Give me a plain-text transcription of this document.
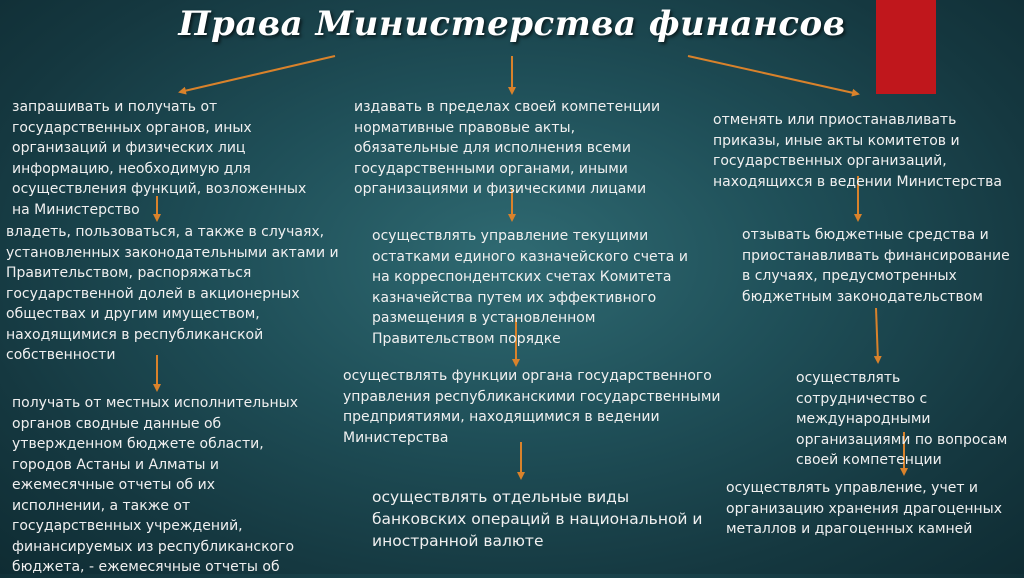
Права Министерства финансов
запрашивать и получать от
государственных органов, иных
организаций и физических лиц
информацию, необходимую для
осуществления функций, возложенных
на Министерство
владеть, пользоваться, а также в случаях,
установленных законодательными актами и
Правительством, распоряжаться
государственной долей в акционерных
обществах и другим имуществом,
находящимися в республиканской
собственности
получать от местных исполнительных
органов сводные данные об
утвержденном бюджете области,
городов Астаны и Алматы и
ежемесячные отчеты об их
исполнении, а также от
государственных учреждений,
финансируемых из республиканского
бюджета, - ежемесячные отчеты об
издавать в пределах своей компетенции
нормативные правовые акты,
обязательные для исполнения всеми
государственными органами, иными
организациями и физическими лицами
осуществлять управление текущими
остатками единого казначейского счета и
на корреспондентских счетах Комитета
казначейства путем их эффективного
размещения в установленном
Правительством порядке
осуществлять функции органа государственного
управления республиканскими государственными
предприятиями, находящимися в ведении
Министерства
осуществлять отдельные виды
банковских операций в национальной и
иностранной валюте
отменять или приостанавливать
приказы, иные акты комитетов и
государственных организаций,
находящихся в ведении Министерства
отзывать бюджетные средства и
приостанавливать финансирование
в случаях, предусмотренных
бюджетным законодательством
осуществлять
сотрудничество с
международными
организациями по вопросам
своей компетенции
осуществлять управление, учет и
организацию хранения драгоценных
металлов и драгоценных камней
